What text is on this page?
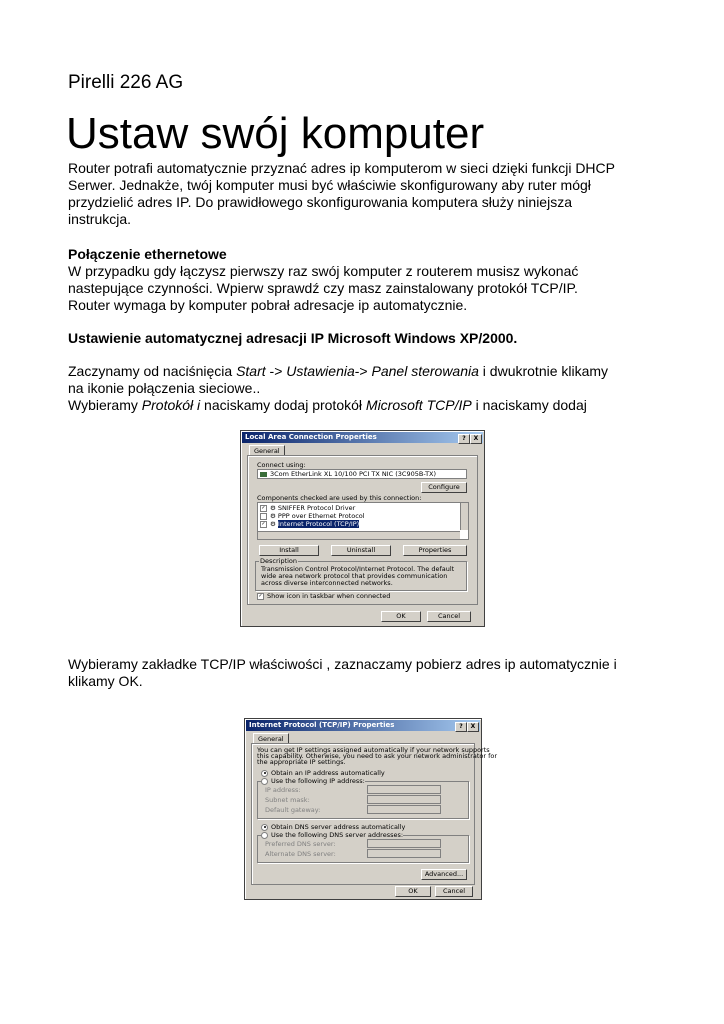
Pirelli 226 AG
Ustaw swój komputer
Router potrafi automatycznie przyznać adres ip komputerom w sieci dzięki funkcji DHCP
Serwer. Jednakże, twój komputer musi być właściwie skonfigurowany aby ruter mógł
przydzielić adres IP. Do prawidłowego skonfigurowania komputera służy niniejsza
instrukcja.
Połączenie ethernetowe
W przypadku gdy łączysz pierwszy raz swój komputer z routerem musisz wykonać
nastepujące czynności. Wpierw sprawdź czy masz zainstalowany protokół TCP/IP.
Router wymaga by komputer pobrał adresacje ip automatycznie.
Ustawienie automatycznej adresacji IP Microsoft Windows XP/2000.
Zaczynamy od naciśnięcia Start -> Ustawienia-> Panel sterowania i dwukrotnie klikamy
na ikonie połączenia sieciowe..
Wybieramy Protokół i naciskamy dodaj protokół Microsoft TCP/IP i naciskamy dodaj
Local Area Connection Properties	?	X
General
Connect using:
3Com EtherLink XL 10/100 PCI TX NIC (3C905B-TX)
Configure
Components checked are used by this connection:
✓ ⚙ SNIFFER Protocol Driver
⚙ PPP over Ethernet Protocol
✓ ⚙ Internet Protocol (TCP/IP)
Install	Uninstall	Properties
Description
Transmission Control Protocol/Internet Protocol. The default
wide area network protocol that provides communication
across diverse interconnected networks.
✓ Show icon in taskbar when connected
OK	Cancel
Wybieramy zakładke TCP/IP właściwości , zaznaczamy pobierz adres ip automatycznie i
klikamy OK.
Internet Protocol (TCP/IP) Properties	?	X
General
You can get IP settings assigned automatically if your network supports
this capability. Otherwise, you need to ask your network administrator for
the appropriate IP settings.
Obtain an IP address automatically
Use the following IP address:
IP address:
Subnet mask:
Default gateway:
Obtain DNS server address automatically
Use the following DNS server addresses:
Preferred DNS server:
Alternate DNS server:
Advanced...
OK	Cancel
